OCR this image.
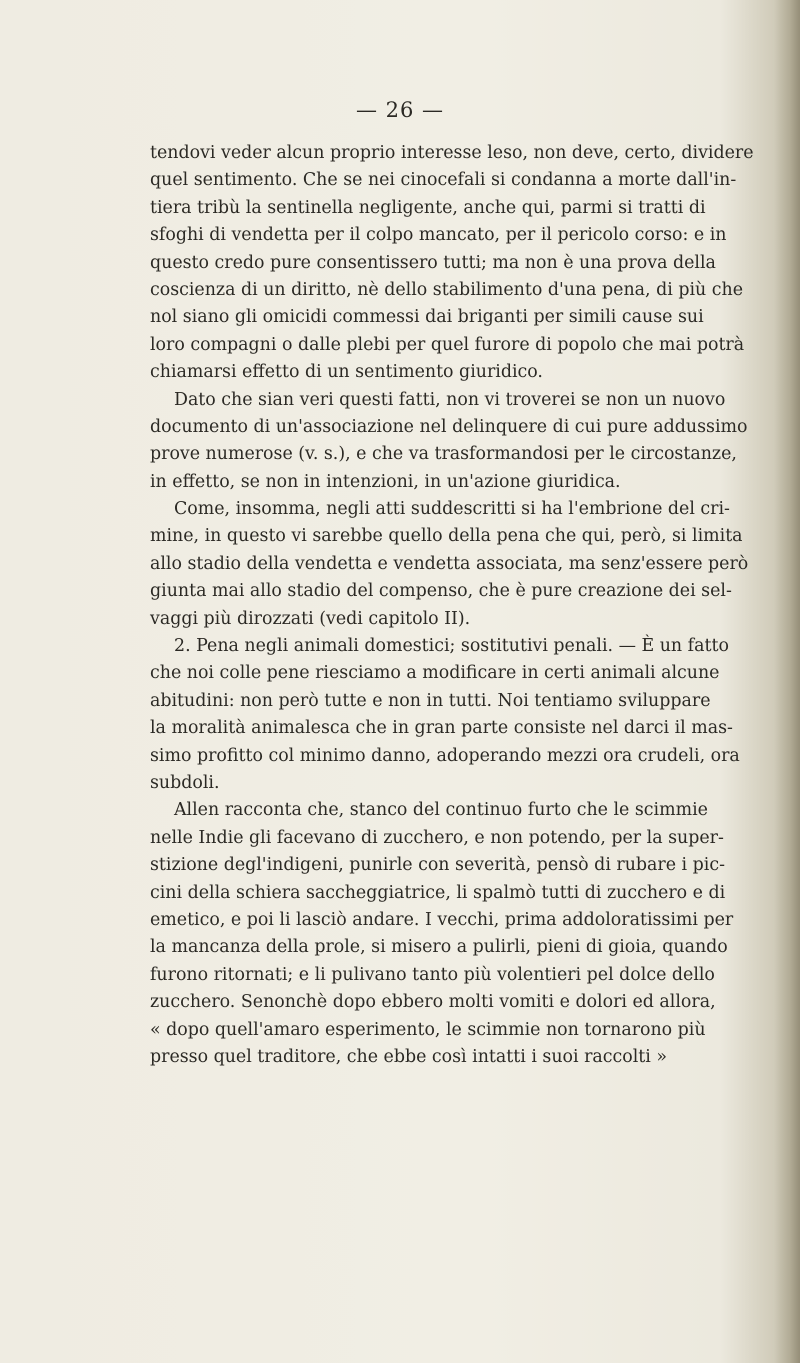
— 26 —
tendovi veder alcun proprio interesse leso, non deve, certo, dividere
quel sentimento. Che se nei cinocefali si condanna a morte dall'in-
tiera tribù la sentinella negligente, anche qui, parmi si tratti di
sfoghi di vendetta per il colpo mancato, per il pericolo corso: e in
questo credo pure consentissero tutti; ma non è una prova della
coscienza di un diritto, nè dello stabilimento d'una pena, di più che
nol siano gli omicidi commessi dai briganti per simili cause sui
loro compagni o dalle plebi per quel furore di popolo che mai potrà
chiamarsi effetto di un sentimento giuridico.
Dato che sian veri questi fatti, non vi troverei se non un nuovo
documento di un'associazione nel delinquere di cui pure addussimo
prove numerose (v. s.), e che va trasformandosi per le circostanze,
in effetto, se non in intenzioni, in un'azione giuridica.
Come, insomma, negli atti suddescritti si ha l'embrione del cri-
mine, in questo vi sarebbe quello della pena che qui, però, si limita
allo stadio della vendetta e vendetta associata, ma senz'essere però
giunta mai allo stadio del compenso, che è pure creazione dei sel-
vaggi più dirozzati (vedi capitolo II).
2. Pena negli animali domestici; sostitutivi penali. — È un fatto
che noi colle pene riesciamo a modificare in certi animali alcune
abitudini: non però tutte e non in tutti. Noi tentiamo sviluppare
la moralità animalesca che in gran parte consiste nel darci il mas-
simo profitto col minimo danno, adoperando mezzi ora crudeli, ora
subdoli.
Allen racconta che, stanco del continuo furto che le scimmie
nelle Indie gli facevano di zucchero, e non potendo, per la super-
stizione degl'indigeni, punirle con severità, pensò di rubare i pic-
cini della schiera saccheggiatrice, li spalmò tutti di zucchero e di
emetico, e poi li lasciò andare. I vecchi, prima addoloratissimi per
la mancanza della prole, si misero a pulirli, pieni di gioia, quando
furono ritornati; e li pulivano tanto più volentieri pel dolce dello
zucchero. Senonchè dopo ebbero molti vomiti e dolori ed allora,
« dopo quell'amaro esperimento, le scimmie non tornarono più
presso quel traditore, che ebbe così intatti i suoi raccolti »
